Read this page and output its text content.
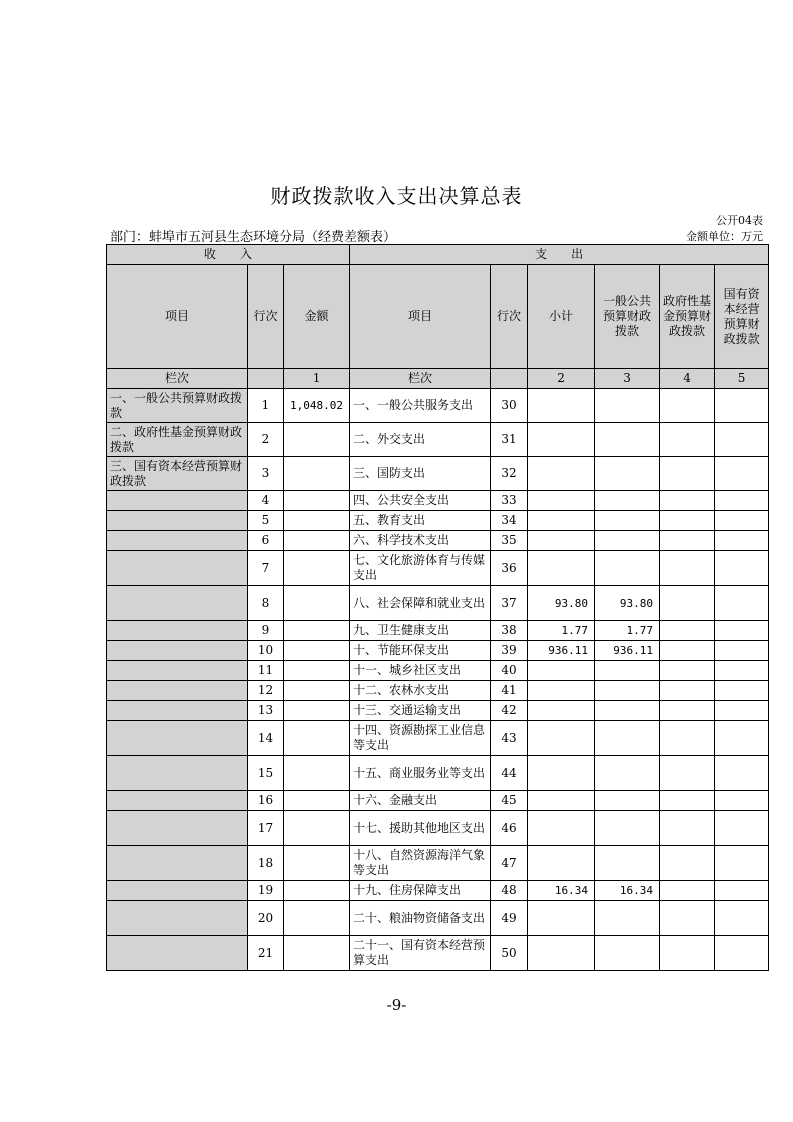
财政拨款收入支出决算总表
公开04表
部门：蚌埠市五河县生态环境分局（经费差额表）	金额单位：万元
收　　入			支　　出					
项目	行次	金额	项目	行次	小计	一般公共预算财政拨款	政府性基金预算财政拨款	国有资本经营预算财政拨款
栏次		1	栏次		2	3	4	5
一、一般公共预算财政拨款	1	1,048.02	一、一般公共服务支出	30				
二、政府性基金预算财政拨款	2		二、外交支出	31				
三、国有资本经营预算财政拨款	3		三、国防支出	32				
	4		四、公共安全支出	33				
	5		五、教育支出	34				
	6		六、科学技术支出	35				
	7		七、文化旅游体育与传媒支出	36				
	8		八、社会保障和就业支出	37	93.80	93.80		
	9		九、卫生健康支出	38	1.77	1.77		
	10		十、节能环保支出	39	936.11	936.11		
	11		十一、城乡社区支出	40				
	12		十二、农林水支出	41				
	13		十三、交通运输支出	42				
	14		十四、资源勘探工业信息等支出	43				
	15		十五、商业服务业等支出	44				
	16		十六、金融支出	45				
	17		十七、援助其他地区支出	46				
	18		十八、自然资源海洋气象等支出	47				
	19		十九、住房保障支出	48	16.34	16.34		
	20		二十、粮油物资储备支出	49				
	21		二十一、国有资本经营预算支出	50				
-9-
